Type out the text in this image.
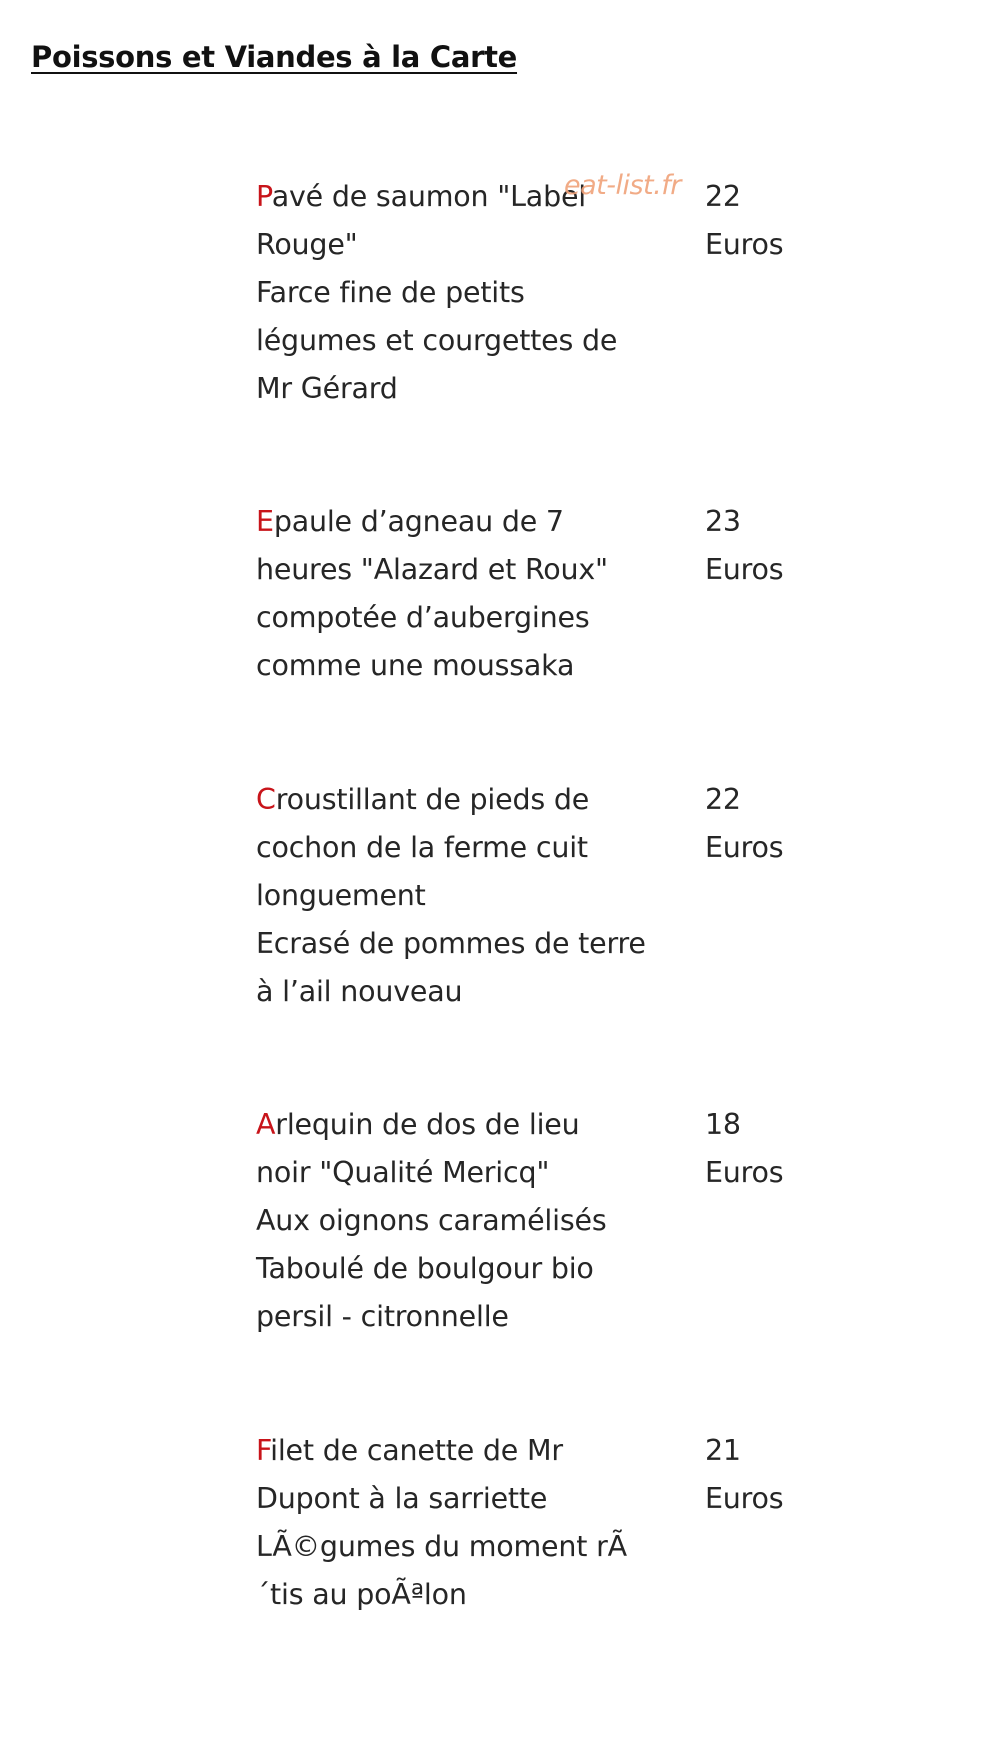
Poissons et Viandes à la Carte
Pavé de saumon "Label
Rouge"
Farce fine de petits
légumes et courgettes de
Mr Gérard
22
Euros
Epaule d’agneau de 7
heures "Alazard et Roux"
compotée d’aubergines
comme une moussaka
23
Euros
Croustillant de pieds de
cochon de la ferme cuit
longuement
Ecrasé de pommes de terre
à l’ail nouveau
22
Euros
Arlequin de dos de lieu
noir "Qualité Mericq"
Aux oignons caramélisés
Taboulé de boulgour bio
persil - citronnelle
18
Euros
Filet de canette de Mr
Dupont à la sarriette
LÃ©gumes du moment rÃ
´tis au poÃªlon
21
Euros
eat-list.fr
